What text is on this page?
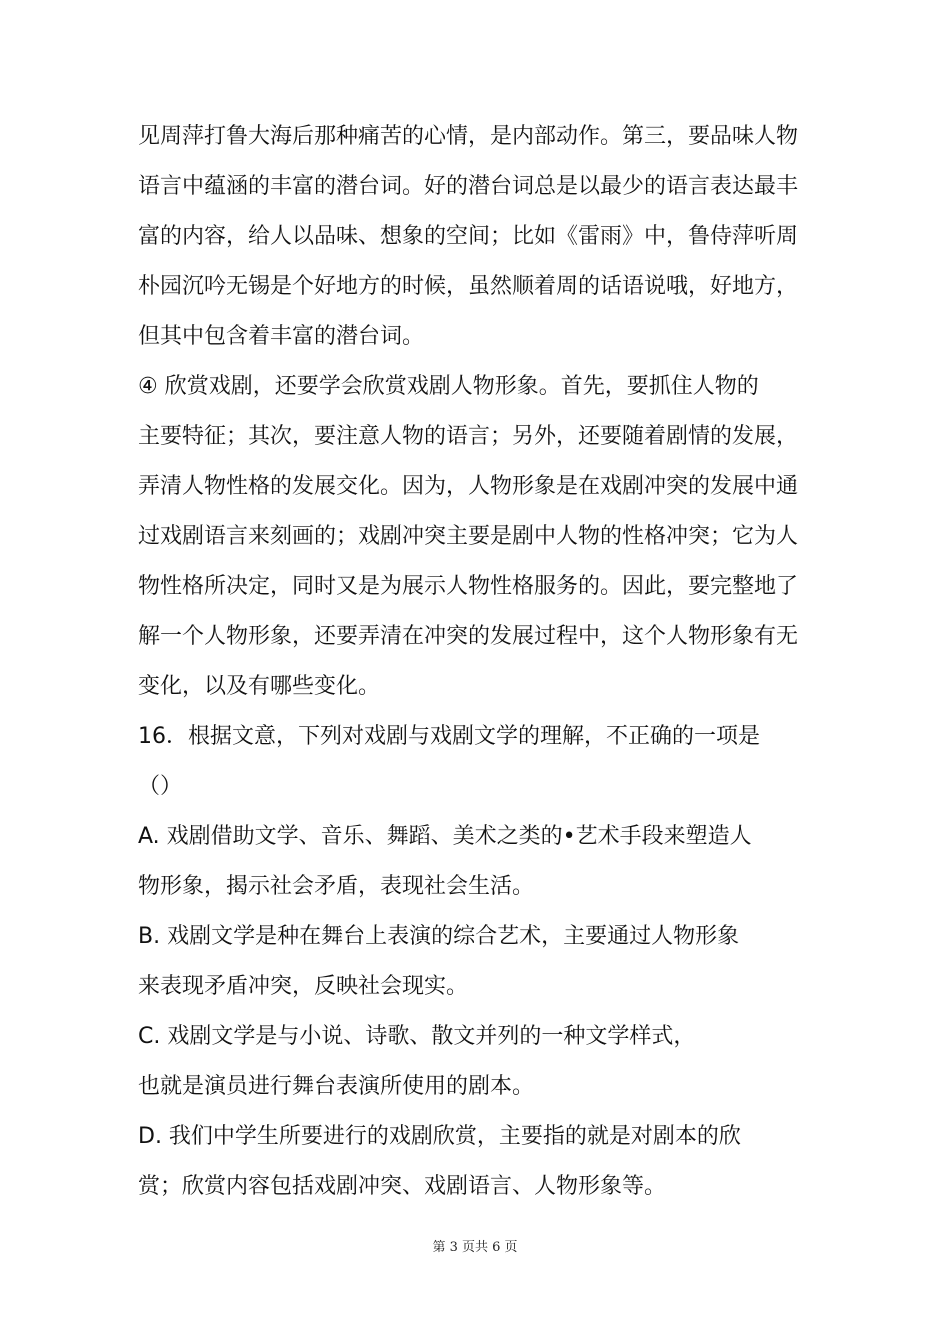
见周萍打鲁大海后那种痛苦的心情，是内部动作。第三，要品味人物
语言中蕴涵的丰富的潜台词。好的潜台词总是以最少的语言表达最丰
富的内容，给人以品味、想象的空间；比如《雷雨》中，鲁侍萍听周
朴园沉吟无锡是个好地方的时候，虽然顺着周的话语说哦，好地方，
但其中包含着丰富的潜台词。
④ 欣赏戏剧，还要学会欣赏戏剧人物形象。首先，要抓住人物的
主要特征；其次，要注意人物的语言；另外，还要随着剧情的发展，
弄清人物性格的发展交化。因为，人物形象是在戏剧冲突的发展中通
过戏剧语言来刻画的；戏剧冲突主要是剧中人物的性格冲突；它为人
物性格所决定，同时又是为展示人物性格服务的。因此，要完整地了
解一个人物形象，还要弄清在冲突的发展过程中，这个人物形象有无
变化，以及有哪些变化。
16．根据文意，下列对戏剧与戏剧文学的理解，不正确的一项是
（）
A. 戏剧借助文学、音乐、舞蹈、美术之类的•艺术手段来塑造人
物形象，揭示社会矛盾，表现社会生活。
B. 戏剧文学是种在舞台上表演的综合艺术，主要通过人物形象
来表现矛盾冲突，反映社会现实。
C. 戏剧文学是与小说、诗歌、散文并列的一种文学样式，
也就是演员进行舞台表演所使用的剧本。
D. 我们中学生所要进行的戏剧欣赏，主要指的就是对剧本的欣
赏；欣赏内容包括戏剧冲突、戏剧语言、人物形象等。
第 3 页共 6 页
